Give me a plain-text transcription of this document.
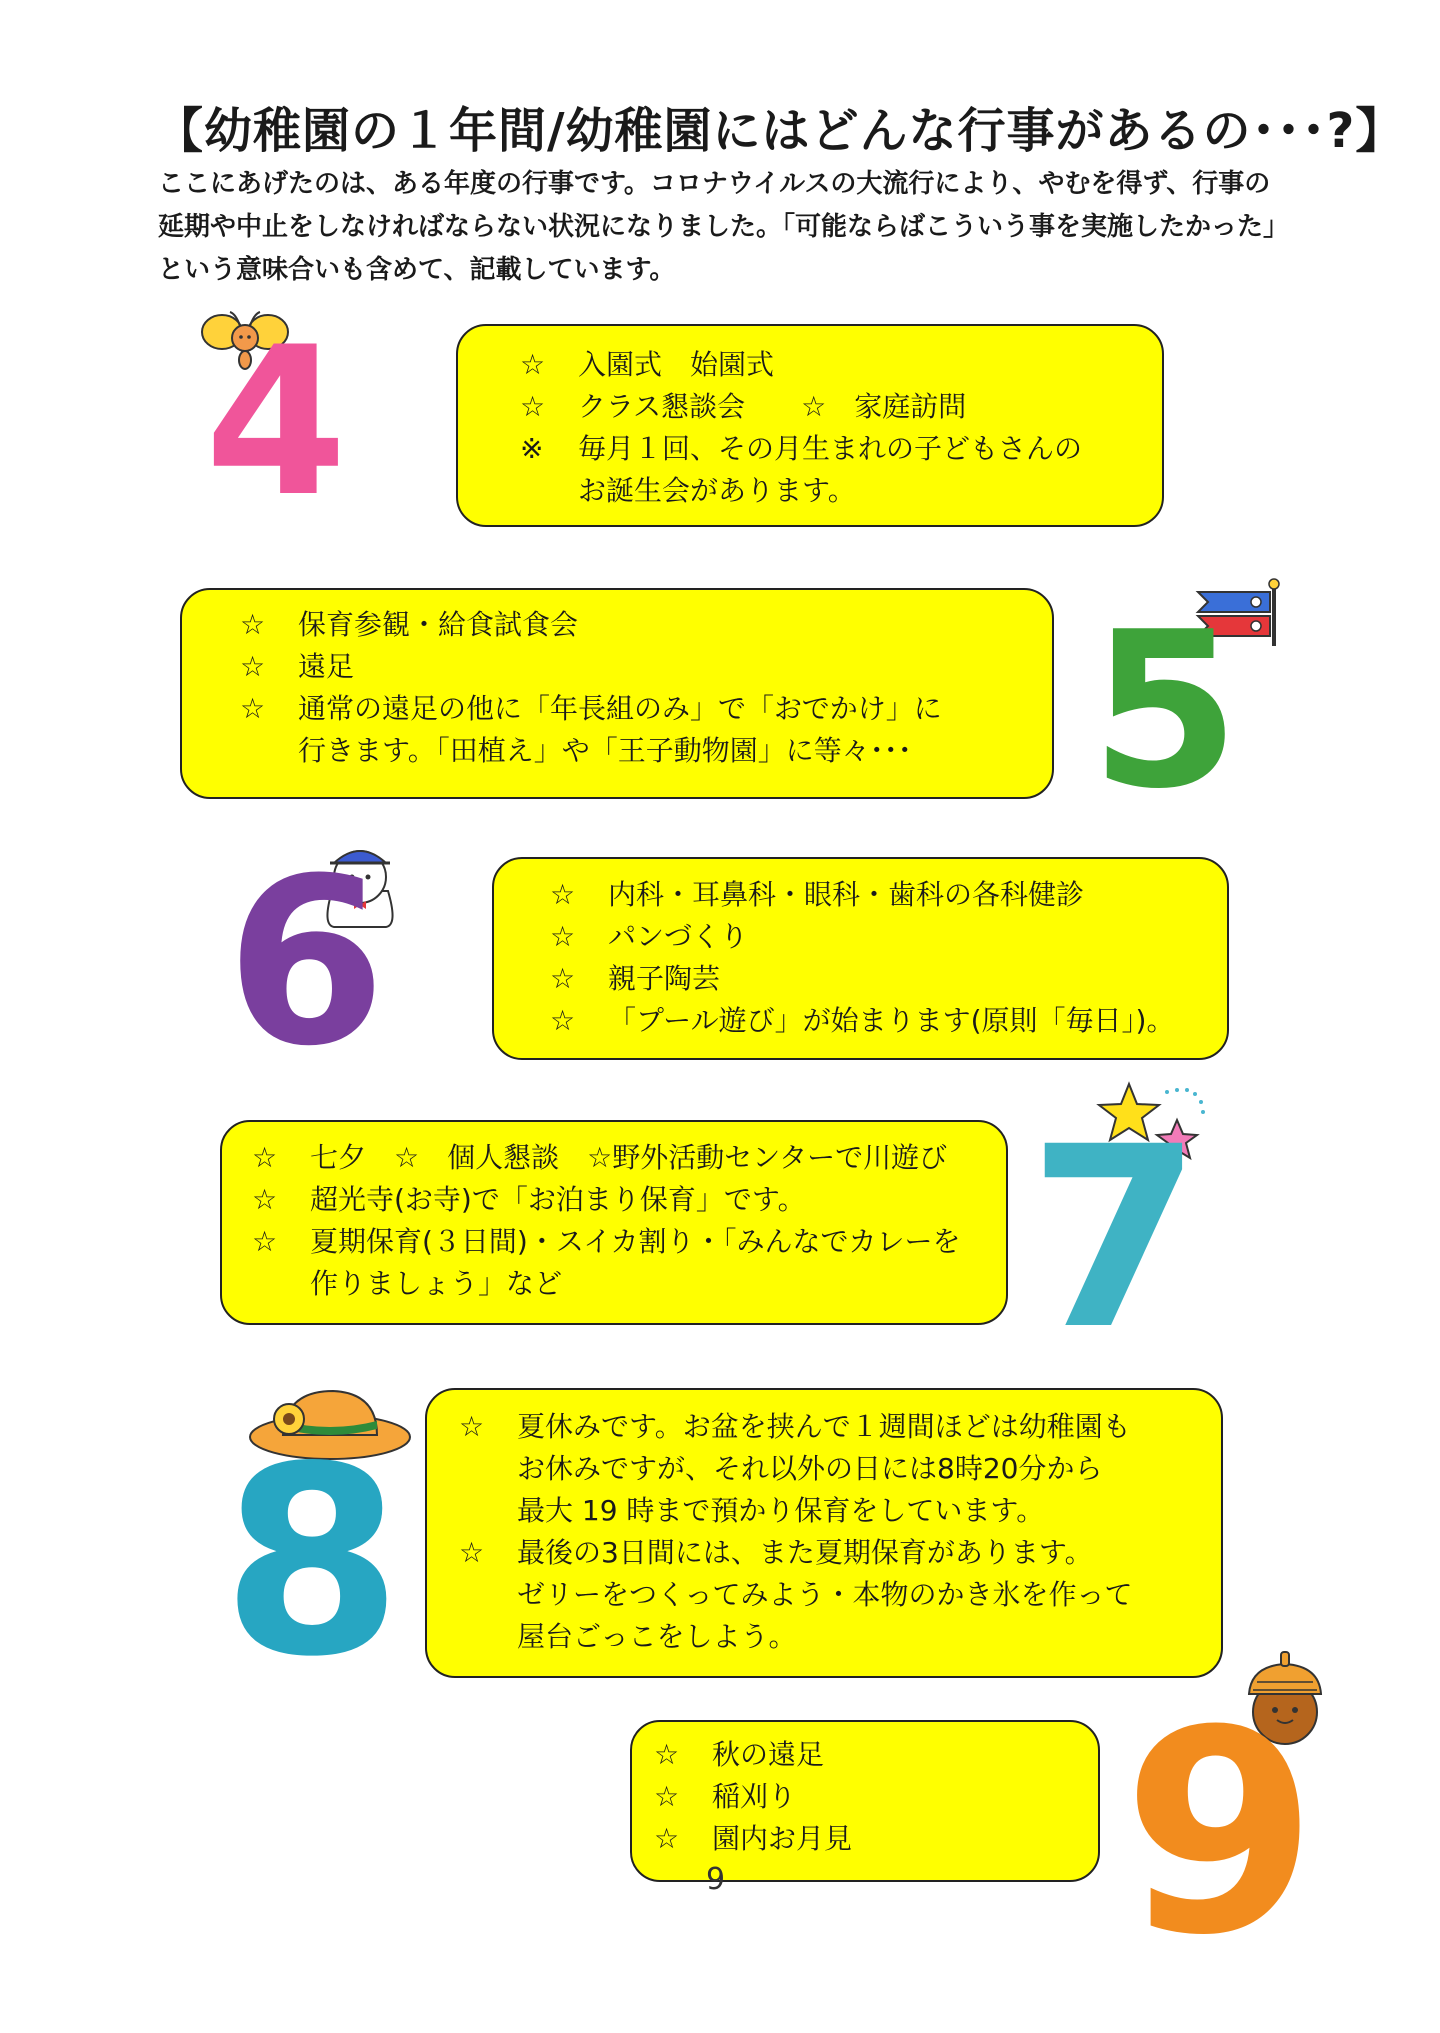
【幼稚園の１年間/幼稚園にはどんな行事があるの･･･?】
ここにあげたのは、ある年度の行事です。コロナウイルスの大流行により、やむを得ず、行事の
延期や中止をしなければならない状況になりました。「可能ならばこういう事を実施したかった」
という意味合いも含めて、記載しています。
4	☆	入園式　始園式
☆	クラス懇談会　　☆　家庭訪問
※	毎月１回、その月生まれの子どもさんの
お誕生会があります。
☆	保育参観・給食試食会
☆	遠足
☆	通常の遠足の他に「年長組のみ」で「おでかけ」に
行きます。「田植え」や「王子動物園」に等々･･･ 5
6	☆	内科・耳鼻科・眼科・歯科の各科健診
☆	パンづくり
☆	親子陶芸
☆	「プール遊び」が始まります(原則「毎日」)。
☆	七夕　☆　個人懇談　☆野外活動センターで川遊び
☆	超光寺(お寺)で「お泊まり保育」です。
☆	夏期保育(３日間)・スイカ割り・「みんなでカレーを
作りましょう」など 7
8 ☆	夏休みです。お盆を挟んで１週間ほどは幼稚園も
お休みですが、それ以外の日には8時20分から
最大 19 時まで預かり保育をしています。
☆	最後の3日間には、また夏期保育があります。
ゼリーをつくってみよう・本物のかき氷を作って
屋台ごっこをしよう。
☆	秋の遠足
☆	稲刈り
☆	園内お月見 9
9
